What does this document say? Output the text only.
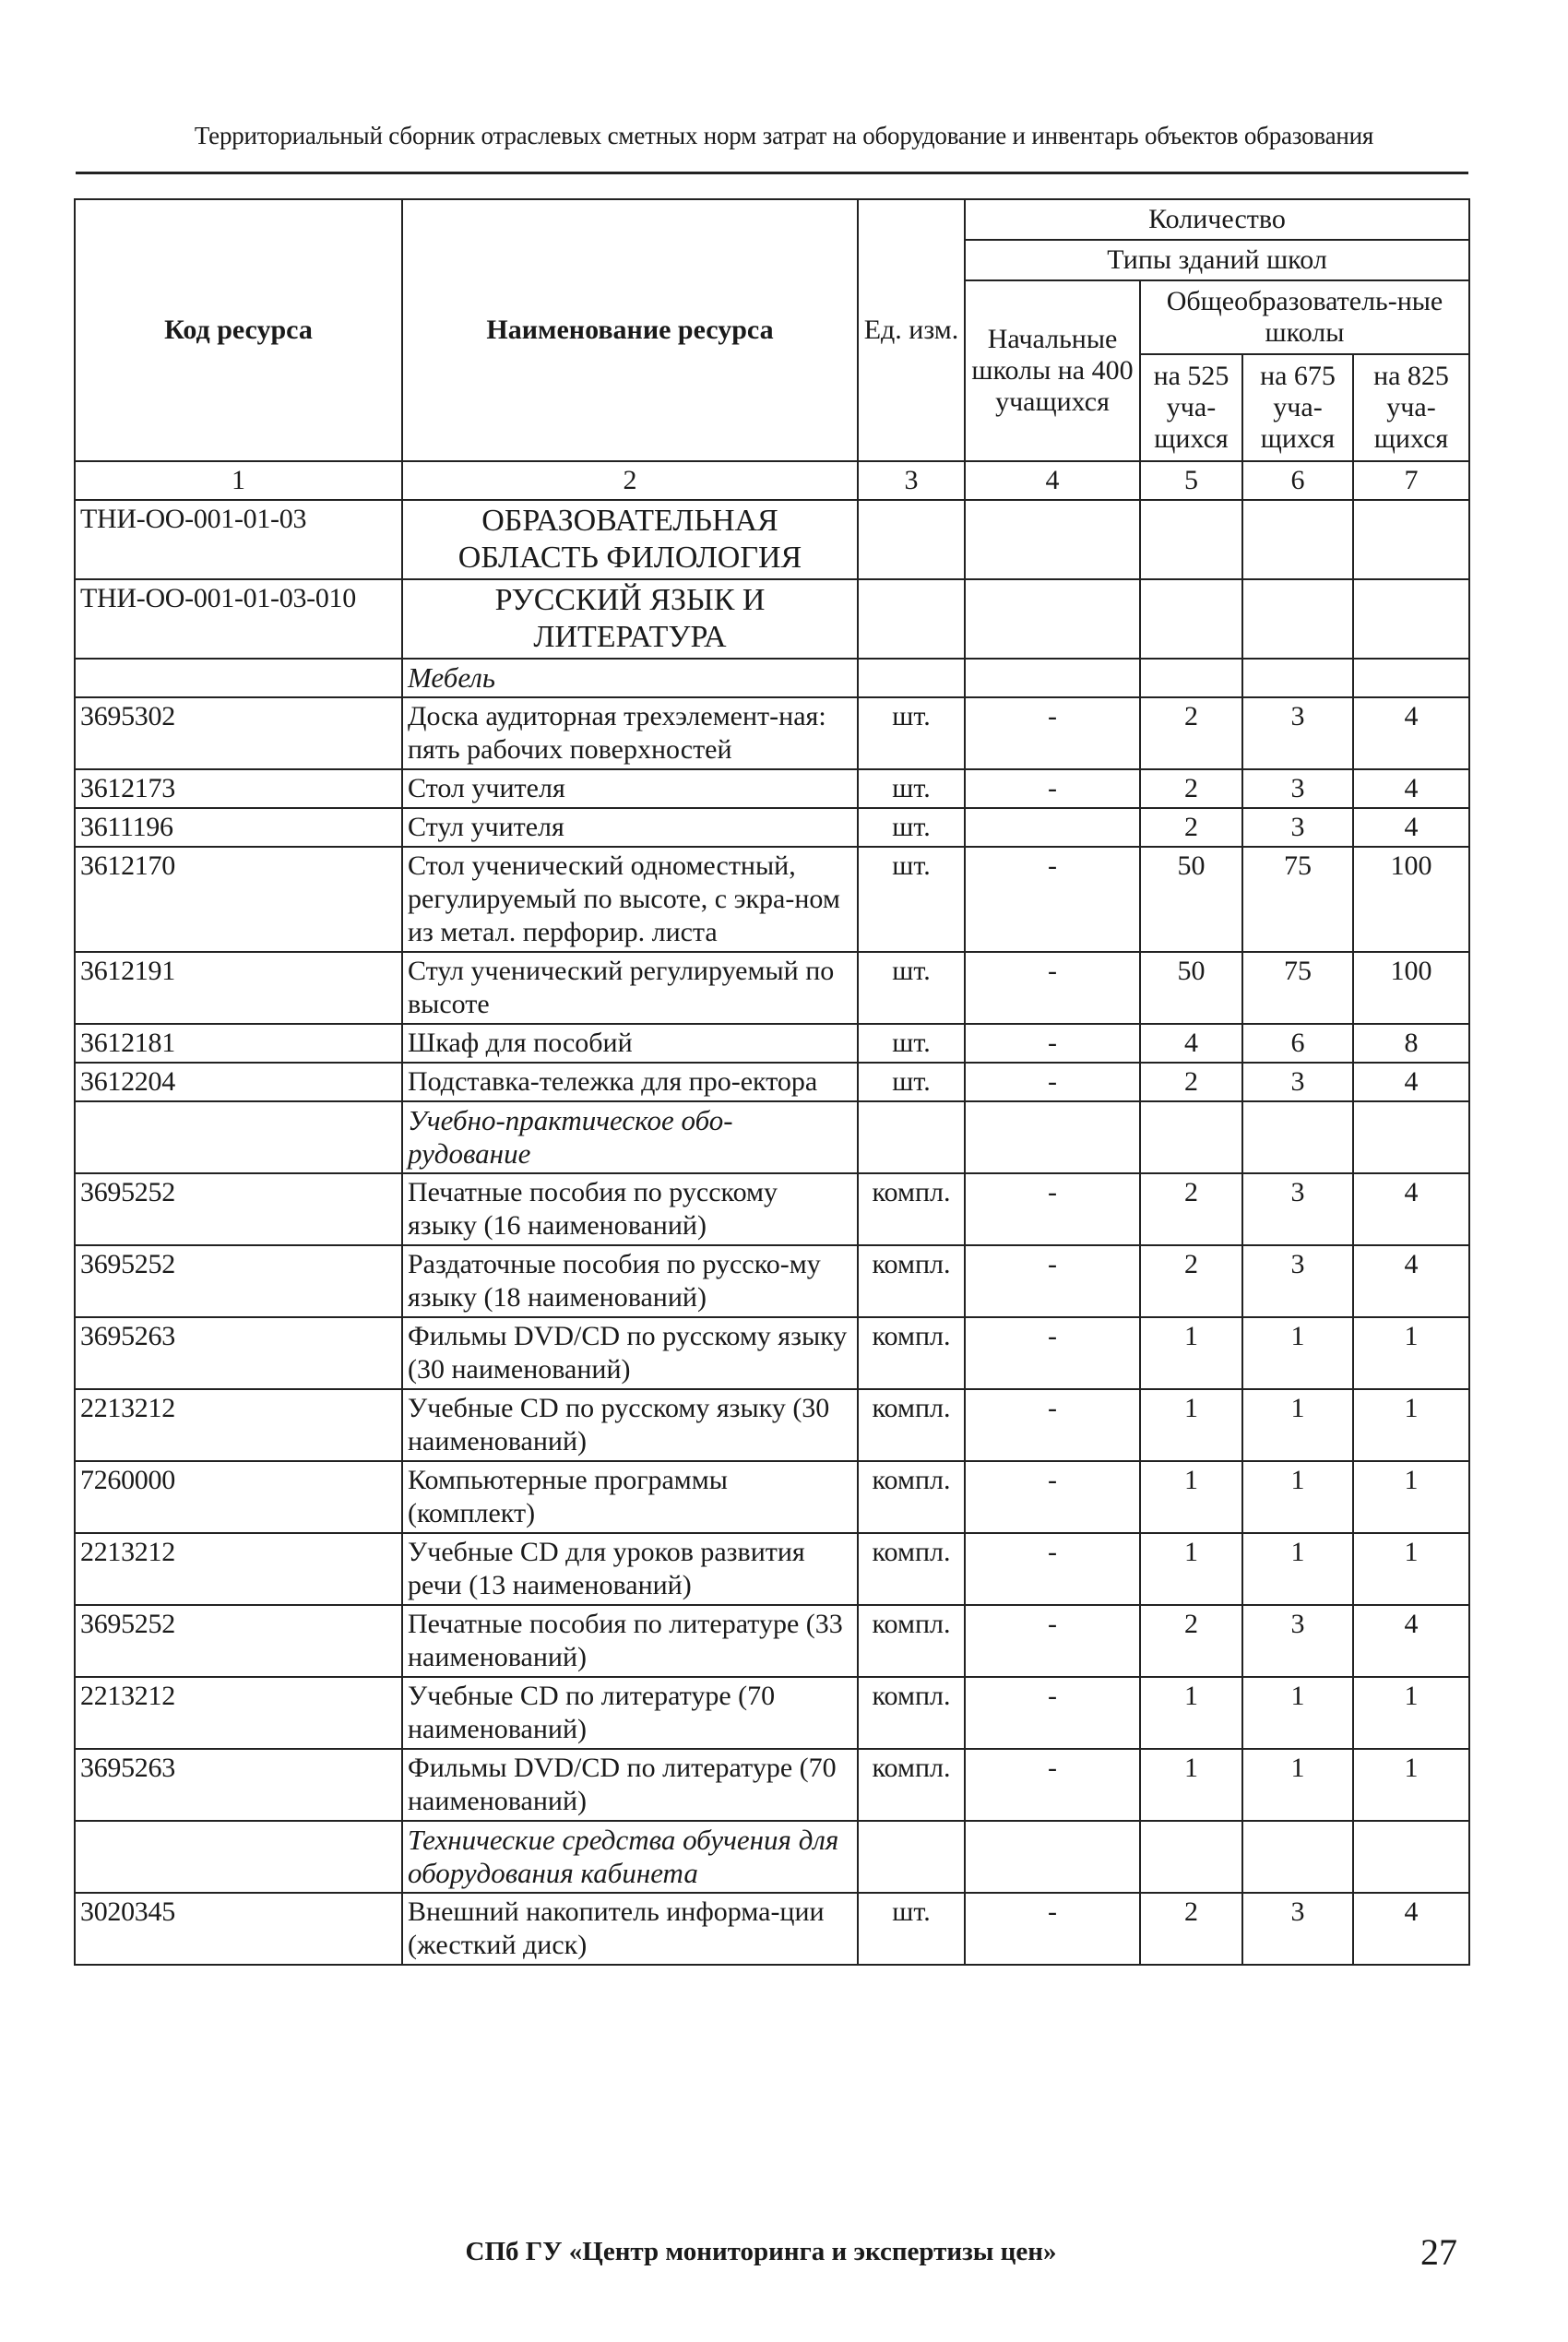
Территориальный сборник отраслевых сметных норм затрат на оборудование и инвентарь объектов образования
Код ресурса	Наименование ресурса	Ед. изм.	Количество			
			Типы зданий школ			
			Начальные школы на 400 учащихся	Общеобразователь-ные школы		
				на 525 уча-щихся	на 675 уча-щихся	на 825 уча-щихся
1	2	3	4	5	6	7
ТНИ-ОО-001-01-03	ОБРАЗОВАТЕЛЬНАЯ ОБЛАСТЬ ФИЛОЛОГИЯ					
ТНИ-ОО-001-01-03-010	РУССКИЙ ЯЗЫК И ЛИТЕРАТУРА					
	Мебель					
3695302	Доска аудиторная трехэлемент-ная: пять рабочих поверхностей	шт.	-	2	3	4
3612173	Стол учителя	шт.	-	2	3	4
3611196	Стул учителя	шт.		2	3	4
3612170	Стол ученический одноместный, регулируемый по высоте, с экра-ном из метал. перфорир. листа	шт.	-	50	75	100
3612191	Стул ученический регулируемый по высоте	шт.	-	50	75	100
3612181	Шкаф для пособий	шт.	-	4	6	8
3612204	Подставка-тележка для про-ектора	шт.	-	2	3	4
	Учебно-практическое обо-рудование					
3695252	Печатные пособия по русскому языку (16 наименований)	компл.	-	2	3	4
3695252	Раздаточные пособия по русско-му языку (18 наименований)	компл.	-	2	3	4
3695263	Фильмы DVD/CD по русскому языку (30 наименований)	компл.	-	1	1	1
2213212	Учебные CD по русскому языку (30 наименований)	компл.	-	1	1	1
7260000	Компьютерные программы (комплект)	компл.	-	1	1	1
2213212	Учебные CD для уроков развития речи (13 наименований)	компл.	-	1	1	1
3695252	Печатные пособия по литературе (33 наименований)	компл.	-	2	3	4
2213212	Учебные CD по литературе (70 наименований)	компл.	-	1	1	1
3695263	Фильмы DVD/CD по литературе (70 наименований)	компл.	-	1	1	1
	Технические средства обучения для оборудования кабинета					
3020345	Внешний накопитель информа-ции (жесткий диск)	шт.	-	2	3	4
СПб ГУ «Центр мониторинга и экспертизы цен»	27
